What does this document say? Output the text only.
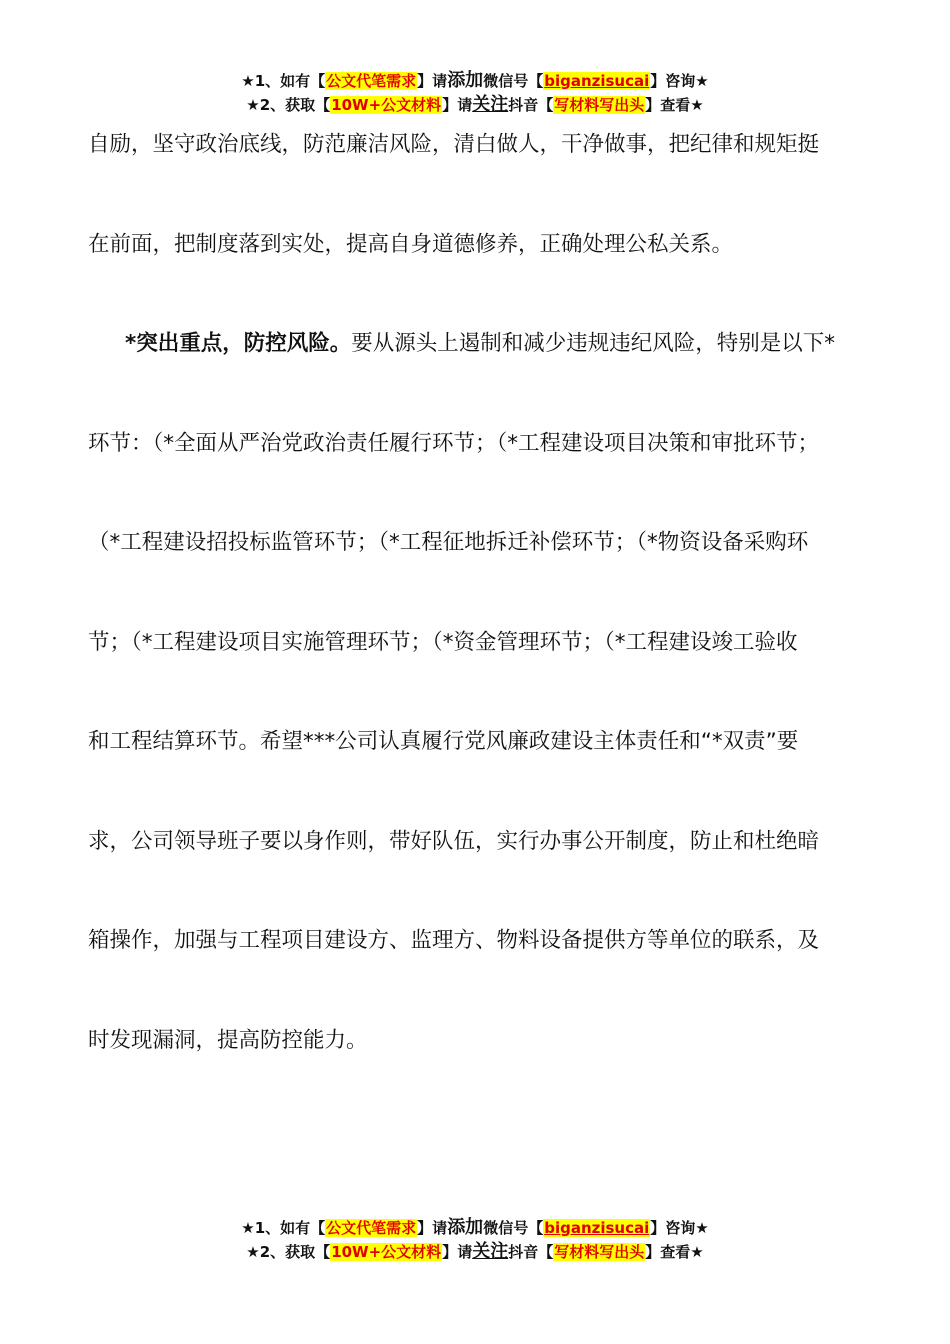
★1、如有【公文代笔需求】请添加微信号【biganzisucai】咨询★
★2、获取【10W+公文材料】请关注抖音【写材料写出头】查看★
自励，坚守政治底线，防范廉洁风险，清白做人，干净做事，把纪律和规矩挺
在前面，把制度落到实处，提高自身道德修养，正确处理公私关系。
*突出重点，防控风险。要从源头上遏制和减少违规违纪风险，特别是以下*
环节：（*全面从严治党政治责任履行环节；（*工程建设项目决策和审批环节；
（*工程建设招投标监管环节；（*工程征地拆迁补偿环节；（*物资设备采购环
节；（*工程建设项目实施管理环节；（*资金管理环节；（*工程建设竣工验收
和工程结算环节。希望***公司认真履行党风廉政建设主体责任和“*双责”要
求，公司领导班子要以身作则，带好队伍，实行办事公开制度，防止和杜绝暗
箱操作，加强与工程项目建设方、监理方、物料设备提供方等单位的联系，及
时发现漏洞，提高防控能力。
★1、如有【公文代笔需求】请添加微信号【biganzisucai】咨询★
★2、获取【10W+公文材料】请关注抖音【写材料写出头】查看★
